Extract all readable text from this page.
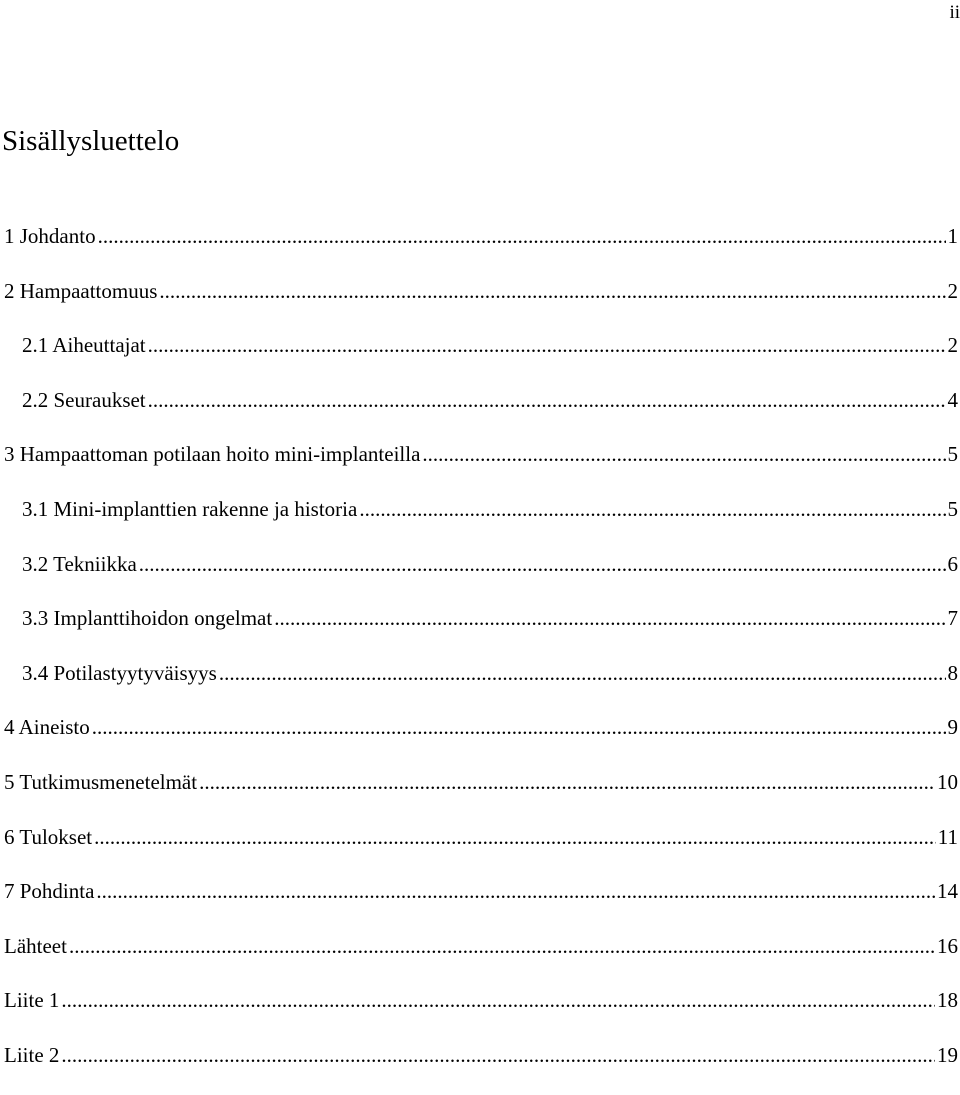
ii
Sisällysluettelo
1 Johdanto .....	1
2 Hampaattomuus .....	2
2.1 Aiheuttajat .....	2
2.2 Seuraukset .....	4
3 Hampaattoman potilaan hoito mini-implanteilla .....	5
3.1 Mini-implanttien rakenne ja historia .....	5
3.2 Tekniikka .....	6
3.3 Implanttihoidon ongelmat .....	7
3.4 Potilastyytyväisyys .....	8
4 Aineisto .....	9
5 Tutkimusmenetelmät .....	10
6 Tulokset .....	11
7 Pohdinta .....	14
Lähteet .....	16
Liite 1 .....	18
Liite 2 .....	19
